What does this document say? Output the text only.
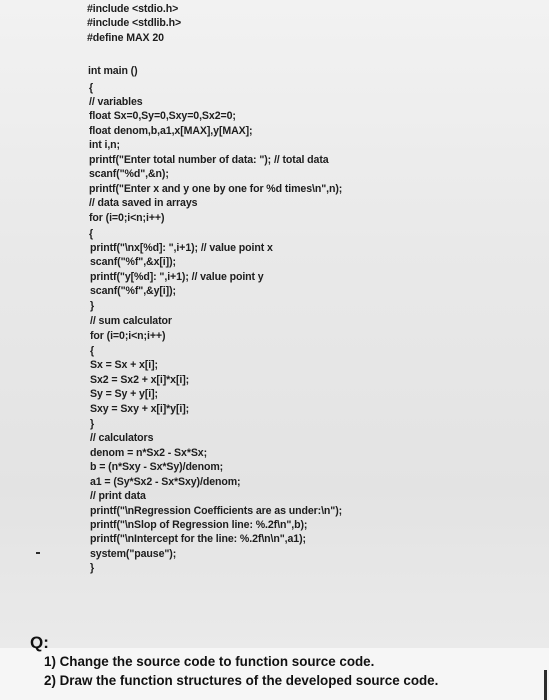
#include <stdio.h>
#include <stdlib.h>
#define MAX 20
int main ()
{
// variables
float Sx=0,Sy=0,Sxy=0,Sx2=0;
float denom,b,a1,x[MAX],y[MAX];
int i,n;
printf("Enter total number of data: "); // total data
scanf("%d",&n);
printf("Enter x and y one by one for %d times\n",n);
// data saved in arrays
for (i=0;i<n;i++)
{
printf("\nx[%d]: ",i+1); // value point x
scanf("%f",&x[i]);
printf("y[%d]: ",i+1); // value point y
scanf("%f",&y[i]);
}
// sum calculator
for (i=0;i<n;i++)
{
Sx = Sx + x[i];
Sx2 = Sx2 + x[i]*x[i];
Sy = Sy + y[i];
Sxy = Sxy + x[i]*y[i];
}
// calculators
denom = n*Sx2 - Sx*Sx;
b = (n*Sxy - Sx*Sy)/denom;
a1 = (Sy*Sx2 - Sx*Sxy)/denom;
// print data
printf("\nRegression Coefficients are as under:\n");
printf("\nSlop of Regression line: %.2f\n",b);
printf("\nIntercept for the line: %.2f\n\n",a1);
system("pause");
}
Q:
1) Change the source code to function source code.
2) Draw the function structures of the developed source code.
